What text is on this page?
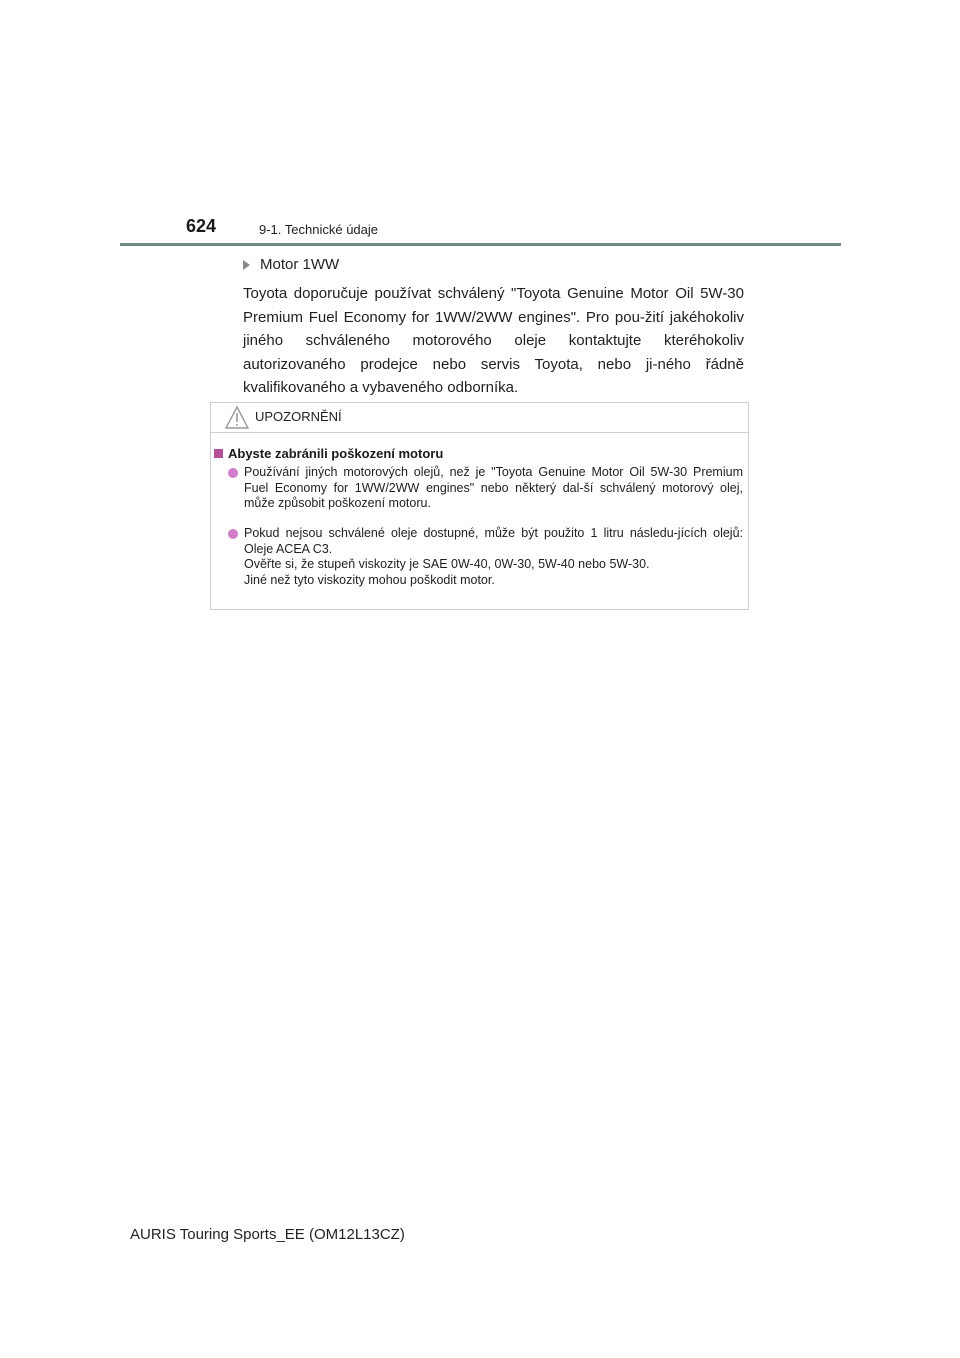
624	9-1. Technické údaje
Motor 1WW
Toyota doporučuje používat schválený "Toyota Genuine Motor Oil 5W-30 Premium Fuel Economy for 1WW/2WW engines". Pro pou-žití jakéhokoliv jiného schváleného motorového oleje kontaktujte kteréhokoliv autorizovaného prodejce nebo servis Toyota, nebo ji-ného řádně kvalifikovaného a vybaveného odborníka.
UPOZORNĚNÍ
Abyste zabránili poškození motoru
Používání jiných motorových olejů, než je "Toyota Genuine Motor Oil 5W-30 Premium Fuel Economy for 1WW/2WW engines" nebo některý dal-ší schválený motorový olej, může způsobit poškození motoru.
Pokud nejsou schválené oleje dostupné, může být použito 1 litru následu-jících olejů: Oleje ACEA C3.
Ověřte si, že stupeň viskozity je SAE 0W-40, 0W-30, 5W-40 nebo 5W-30.
Jiné než tyto viskozity mohou poškodit motor.
AURIS Touring Sports_EE (OM12L13CZ)
